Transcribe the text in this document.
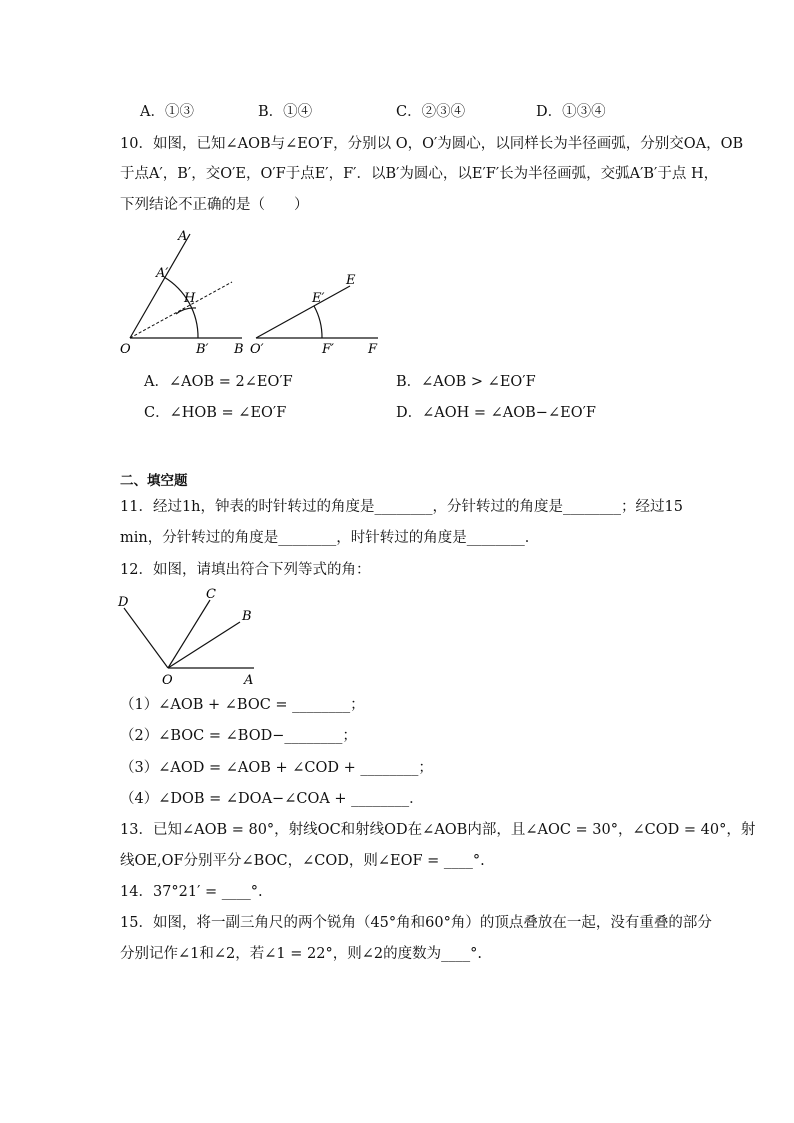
A．①③	B．①④	C．②③④	D．①③④
10．如图，已知∠AOB与∠EO′F，分别以 O，O′为圆心，以同样长为半径画弧，分别交OA，OB
于点A′，B′，交O′E，O′F于点E′，F′．以B′为圆心，以E′F′长为半径画弧，交弧A′B′于点 H，
下列结论不正确的是（　　）
A
A′
H
O	B′ B
E
E′
O′	F′	F
A．∠AOB = 2∠EO′F	B．∠AOB > ∠EO′F
C．∠HOB = ∠EO′F	D．∠AOH = ∠AOB−∠EO′F
二、填空题
11．经过1h，钟表的时针转过的角度是________，分针转过的角度是________；经过15
min，分针转过的角度是________，时针转过的角度是________．
12．如图，请填出符合下列等式的角：
D
C
B
O	A
（1）∠AOB + ∠BOC = ________；
（2）∠BOC = ∠BOD−________；
（3）∠AOD = ∠AOB + ∠COD + ________；
（4）∠DOB = ∠DOA−∠COA + ________．
13．已知∠AOB = 80°，射线OC和射线OD在∠AOB内部，且∠AOC = 30°，∠COD = 40°，射
线OE,OF分别平分∠BOC，∠COD，则∠EOF = ____°.
14．37°21′ = ____°.
15．如图，将一副三角尺的两个锐角（45°角和60°角）的顶点叠放在一起，没有重叠的部分
分别记作∠1和∠2，若∠1 = 22°，则∠2的度数为____°.
